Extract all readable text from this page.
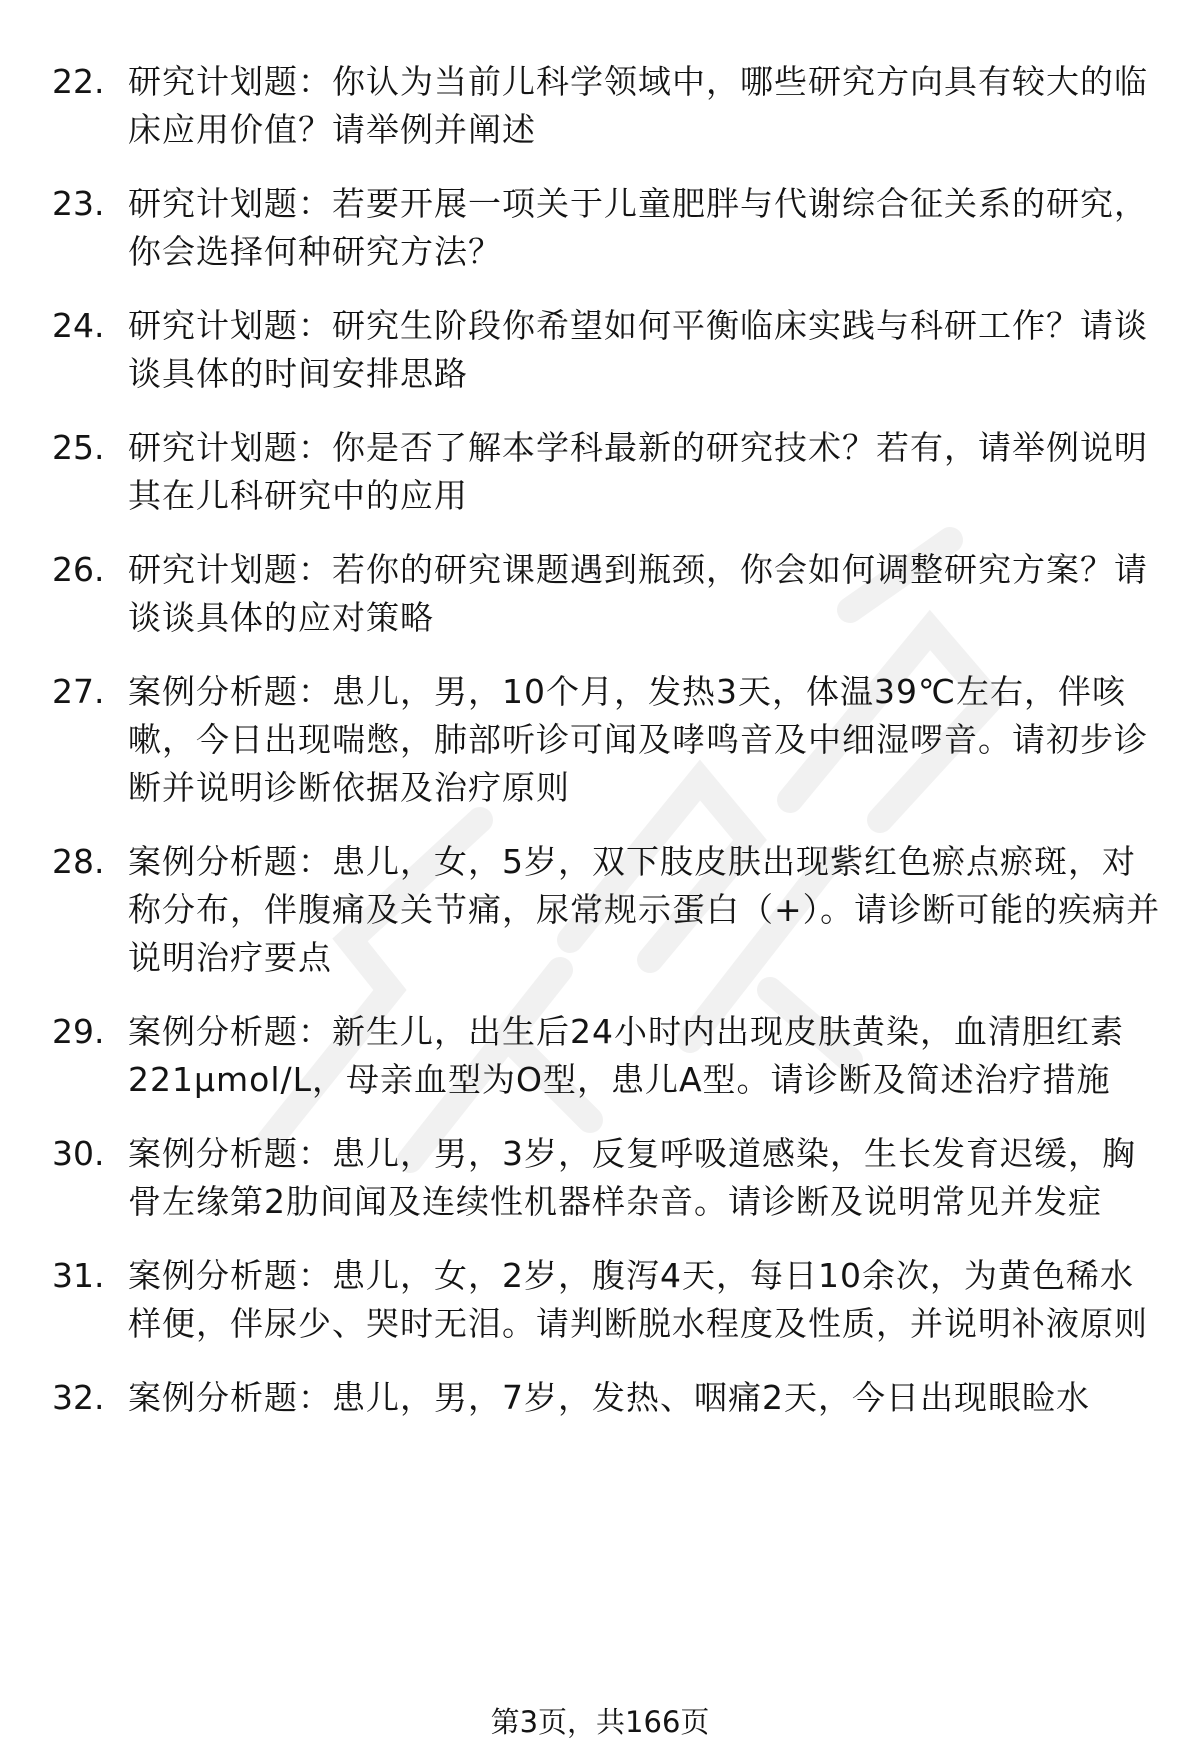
22. 研究计划题：你认为当前儿科学领域中，哪些研究方向具有较大的临床应用价值？请举例并阐述
23. 研究计划题：若要开展一项关于儿童肥胖与代谢综合征关系的研究，你会选择何种研究方法？
24. 研究计划题：研究生阶段你希望如何平衡临床实践与科研工作？请谈谈具体的时间安排思路
25. 研究计划题：你是否了解本学科最新的研究技术？若有，请举例说明其在儿科研究中的应用
26. 研究计划题：若你的研究课题遇到瓶颈，你会如何调整研究方案？请谈谈具体的应对策略
27. 案例分析题：患儿，男，10个月，发热3天，体温39℃左右，伴咳嗽，今日出现喘憋，肺部听诊可闻及哮鸣音及中细湿啰音。请初步诊断并说明诊断依据及治疗原则
28. 案例分析题：患儿，女，5岁，双下肢皮肤出现紫红色瘀点瘀斑，对称分布，伴腹痛及关节痛，尿常规示蛋白（+）。请诊断可能的疾病并说明治疗要点
29. 案例分析题：新生儿，出生后24小时内出现皮肤黄染，血清胆红素221μmol/L，母亲血型为O型，患儿A型。请诊断及简述治疗措施
30. 案例分析题：患儿，男，3岁，反复呼吸道感染，生长发育迟缓，胸骨左缘第2肋间闻及连续性机器样杂音。请诊断及说明常见并发症
31. 案例分析题：患儿，女，2岁，腹泻4天，每日10余次，为黄色稀水样便，伴尿少、哭时无泪。请判断脱水程度及性质，并说明补液原则
32. 案例分析题：患儿，男，7岁，发热、咽痛2天，今日出现眼睑水
第3页，共166页
